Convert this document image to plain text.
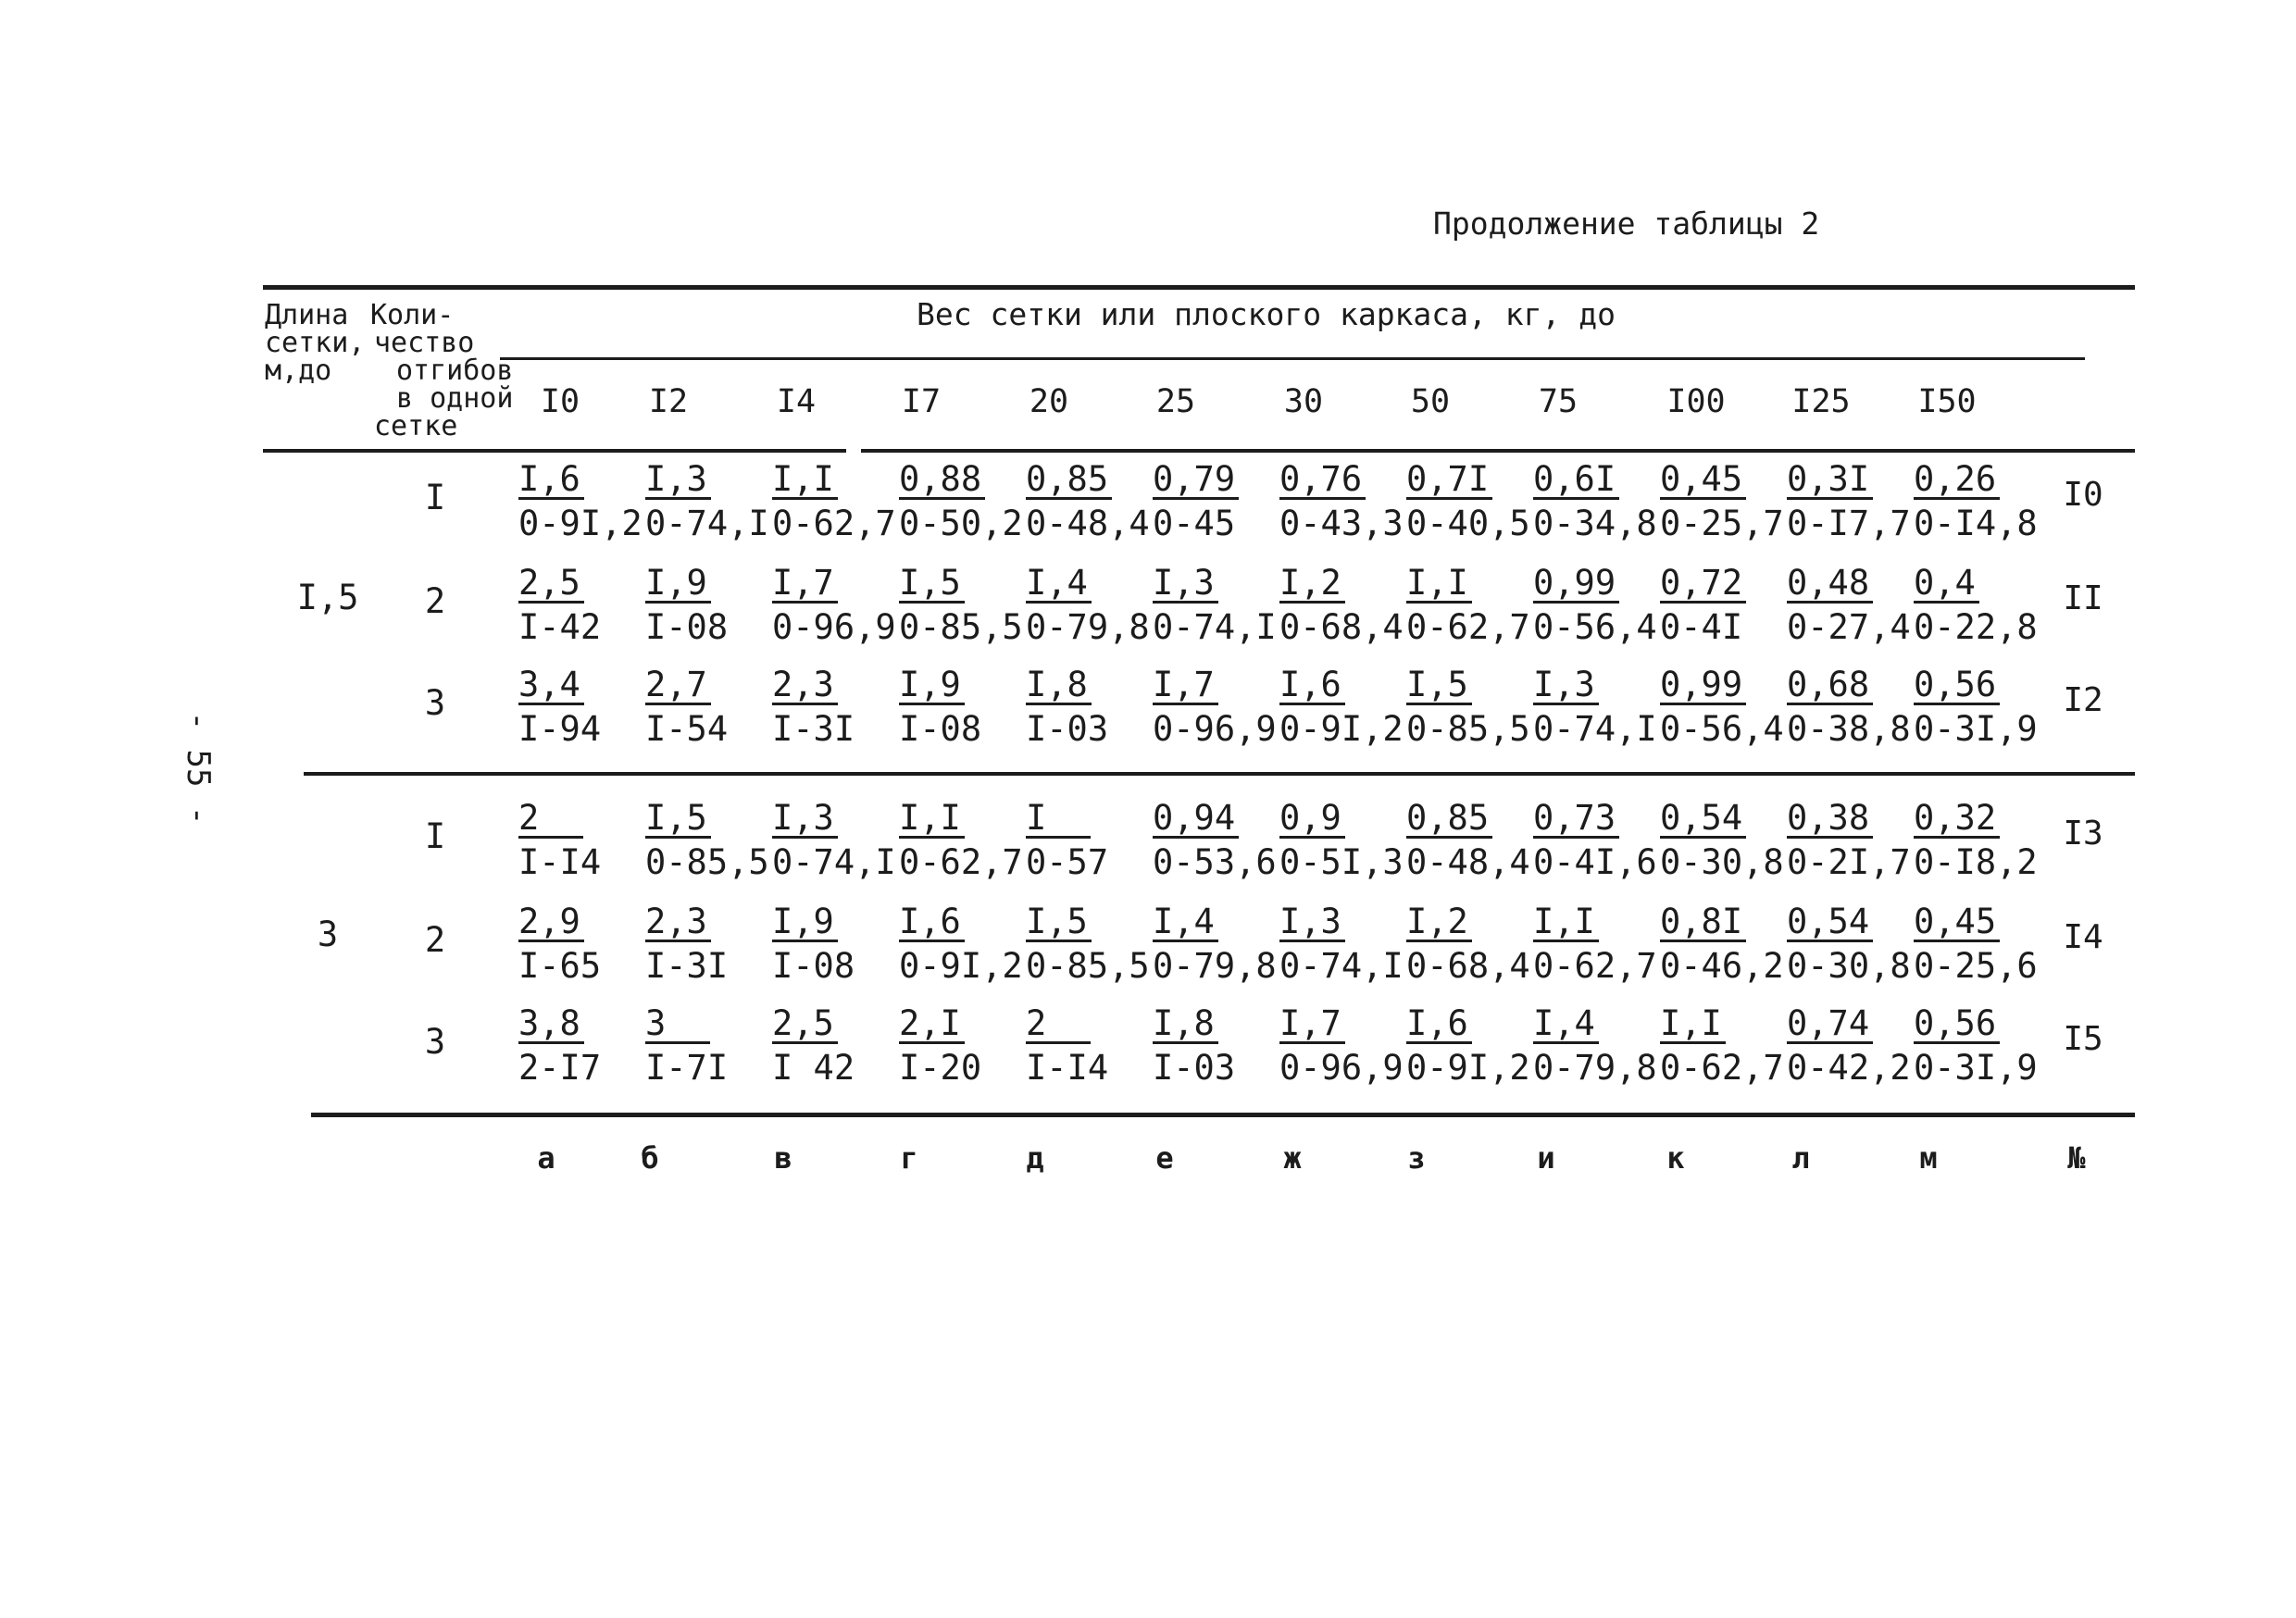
Продолжение таблицы 2
- 55 -
Длина
сетки,
м,до
Коли-
чество
отгибов
в одной
сетке
Вес сетки или плоского каркаса, кг, до
I0	I2	I4	I7	20	25	30	50	75	I00	I25	I50
I,5
I	$\frac{I,6}{0-9I,2} \frac{I,3}{0-74,I} \frac{I,I}{0-62,7} \frac{0,88}{0-50,2} \frac{0,85}{0-48,4} \frac{0,79}{0-45} \frac{0,76}{0-43,3} \frac{0,7I}{0-40,5} \frac{0,6I}{0-34,8} \frac{0,45}{0-25,7} \frac{0,3I}{0-I7,7} \frac{0,26}{0-I4,8} I0$
2	$\frac{2,5}{I-42} \frac{I,9}{I-08} \frac{I,7}{0-96,9} \frac{I,5}{0-85,5} \frac{I,4}{0-79,8} \frac{I,3}{0-74,I} \frac{I,2}{0-68,4} \frac{I,I}{0-62,7} \frac{0,99}{0-56,4} \frac{0,72}{0-4I} \frac{0,48}{0-27,4} \frac{0,4}{0-22,8}$ II
3	$\frac{3,4}{I-94} \frac{2,7}{I-54} \frac{2,3}{I-3I} \frac{I,9}{I-08} \frac{I,8}{I-03} \frac{I,7}{0-96,9} \frac{I,6}{0-9I,2} \frac{I,5}{0-85,5} \frac{I,3}{0-74,I} \frac{0,99}{0-56,4} \frac{0,68}{0-38,8} \frac{0,56}{0-3I,9} I2$
3
I	$\frac{2}{I-I4} \frac{I,5}{0-85,5} \frac{I,3}{0-74,I} \frac{I,I}{0-62,7} \frac{I}{0-57} \frac{0,94}{0-53,6} \frac{0,9}{0-5I,3} \frac{0,85}{0-48,4} \frac{0,73}{0-4I,6} \frac{0,54}{0-30,8} \frac{0,38}{0-2I,7} \frac{0,32}{0-I8,2} I3$
2	$\frac{2,9}{I-65} \frac{2,3}{I-3I} \frac{I,9}{I-08} \frac{I,6}{0-9I,2} \frac{I,5}{0-85,5} \frac{I,4}{0-79,8} \frac{I,3}{0-74,I} \frac{I,2}{0-68,4} \frac{I,I}{0-62,7} \frac{0,8I}{0-46,2} \frac{0,54}{0-30,8} \frac{0,45}{0-25,6} I4$
3	$\frac{3,8}{2-I7} \frac{3}{I-7I} \frac{2,5}{I 42} \frac{2,I}{I-20} \frac{2}{I-I4} \frac{I,8}{I-03} \frac{I,7}{0-96,9} \frac{I,6}{0-9I,2} \frac{I,4}{0-79,8} \frac{I,I}{0-62,7} \frac{0,74}{0-42,2} \frac{0,56}{0-3I,9} I5$
а	б	в	г	д	е	ж	з	и	к	л	м	№
